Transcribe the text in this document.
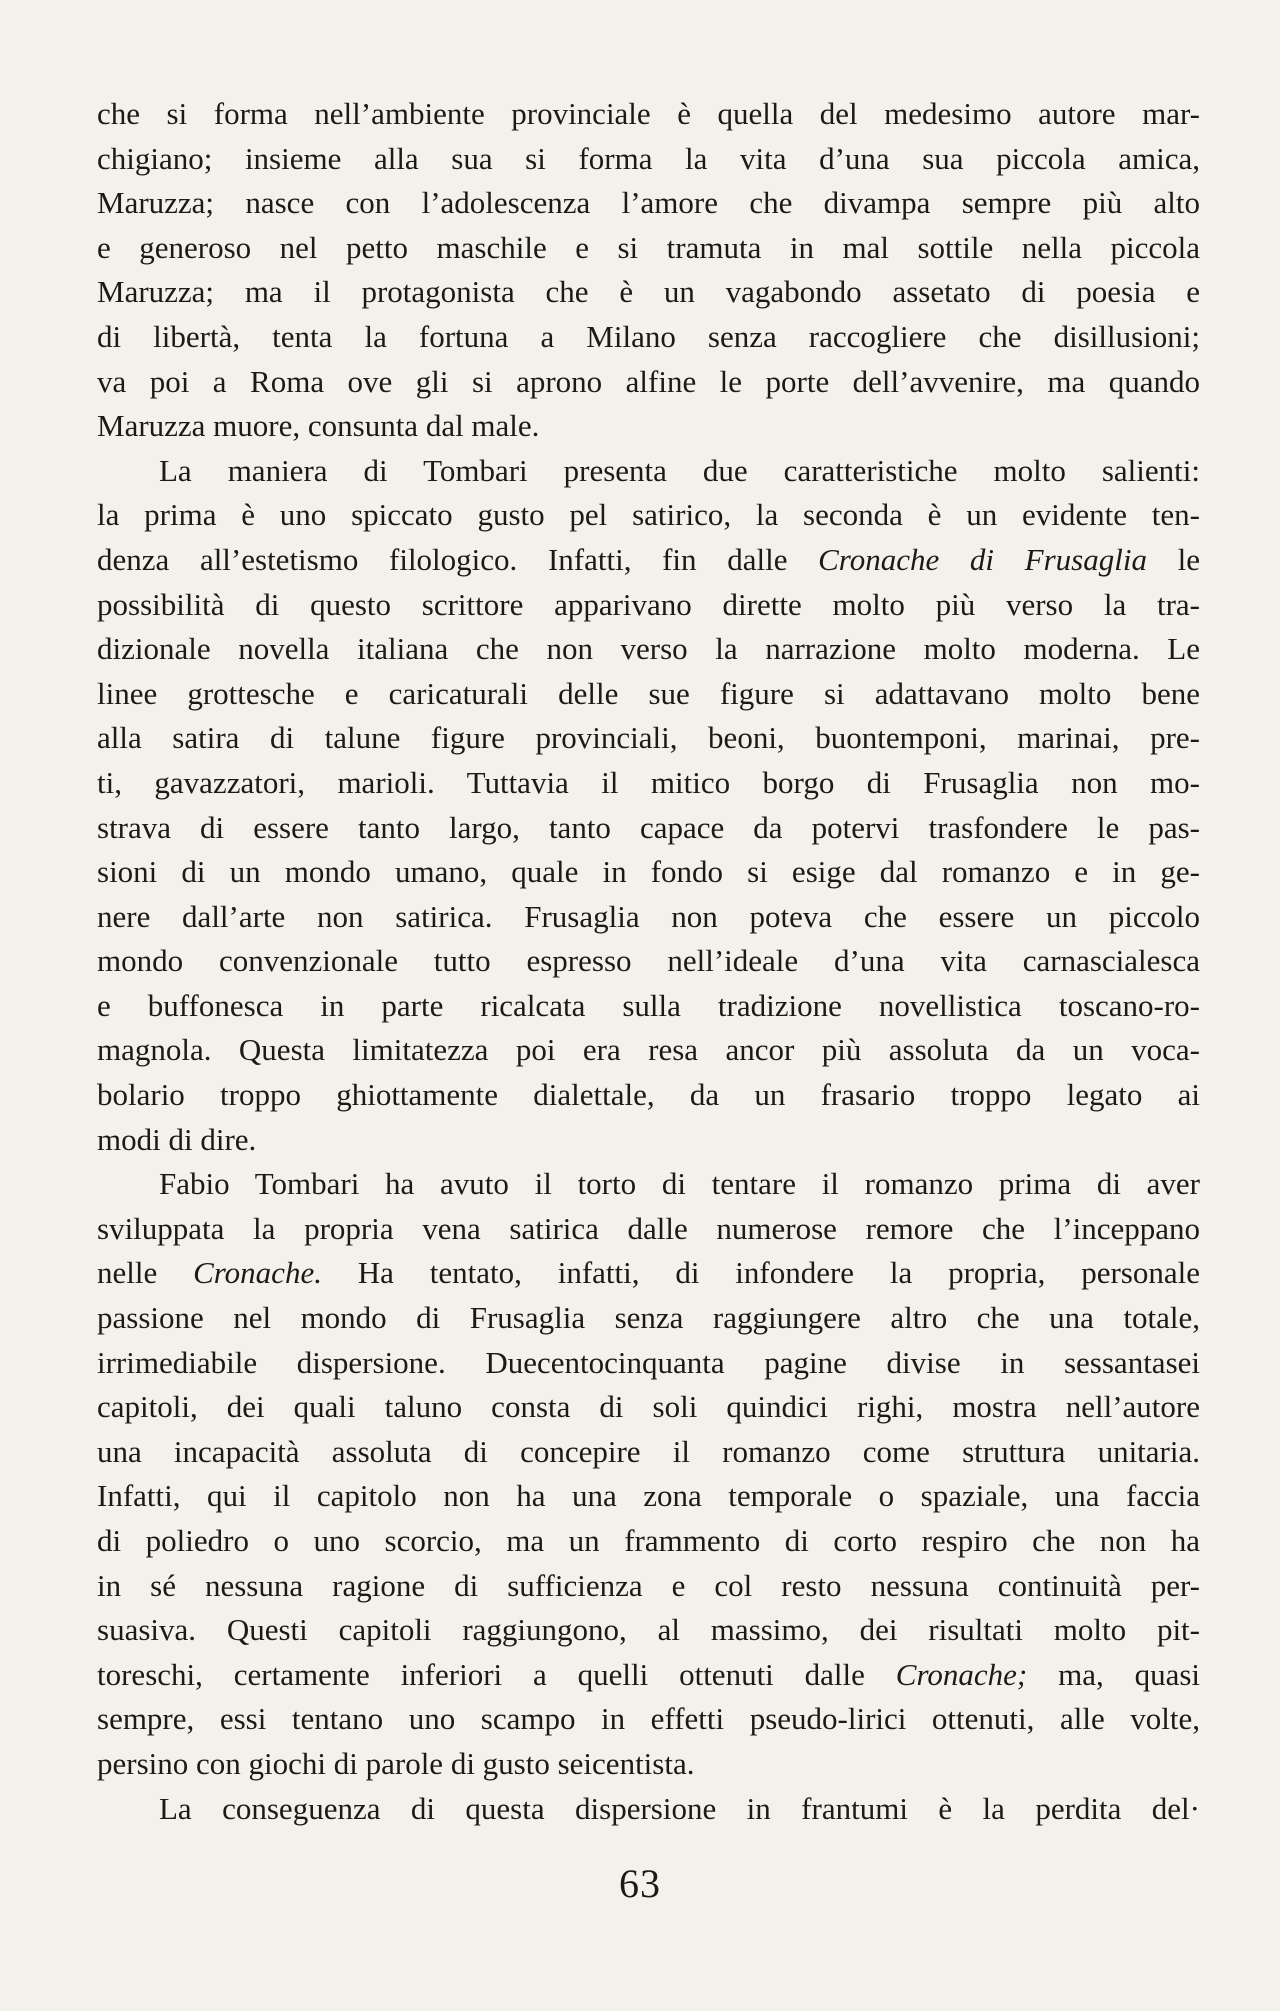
che si forma nell’ambiente provinciale è quella del medesimo autore mar-
chigiano; insieme alla sua si forma la vita d’una sua piccola amica,
Maruzza; nasce con l’adolescenza l’amore che divampa sempre più alto
e generoso nel petto maschile e si tramuta in mal sottile nella piccola
Maruzza; ma il protagonista che è un vagabondo assetato di poesia e
di libertà, tenta la fortuna a Milano senza raccogliere che disillusioni;
va poi a Roma ove gli si aprono alfine le porte dell’avvenire, ma quando
Maruzza muore, consunta dal male.
La maniera di Tombari presenta due caratteristiche molto salienti:
la prima è uno spiccato gusto pel satirico, la seconda è un evidente ten-
denza all’estetismo filologico. Infatti, fin dalle Cronache di Frusaglia le
possibilità di questo scrittore apparivano dirette molto più verso la tra-
dizionale novella italiana che non verso la narrazione molto moderna. Le
linee grottesche e caricaturali delle sue figure si adattavano molto bene
alla satira di talune figure provinciali, beoni, buontemponi, marinai, pre-
ti, gavazzatori, marioli. Tuttavia il mitico borgo di Frusaglia non mo-
strava di essere tanto largo, tanto capace da potervi trasfondere le pas-
sioni di un mondo umano, quale in fondo si esige dal romanzo e in ge-
nere dall’arte non satirica. Frusaglia non poteva che essere un piccolo
mondo convenzionale tutto espresso nell’ideale d’una vita carnascialesca
e buffonesca in parte ricalcata sulla tradizione novellistica toscano-ro-
magnola. Questa limitatezza poi era resa ancor più assoluta da un voca-
bolario troppo ghiottamente dialettale, da un frasario troppo legato ai
modi di dire.
Fabio Tombari ha avuto il torto di tentare il romanzo prima di aver
sviluppata la propria vena satirica dalle numerose remore che l’inceppano
nelle Cronache. Ha tentato, infatti, di infondere la propria, personale
passione nel mondo di Frusaglia senza raggiungere altro che una totale,
irrimediabile dispersione. Duecentocinquanta pagine divise in sessantasei
capitoli, dei quali taluno consta di soli quindici righi, mostra nell’autore
una incapacità assoluta di concepire il romanzo come struttura unitaria.
Infatti, qui il capitolo non ha una zona temporale o spaziale, una faccia
di poliedro o uno scorcio, ma un frammento di corto respiro che non ha
in sé nessuna ragione di sufficienza e col resto nessuna continuità per-
suasiva. Questi capitoli raggiungono, al massimo, dei risultati molto pit-
toreschi, certamente inferiori a quelli ottenuti dalle Cronache; ma, quasi
sempre, essi tentano uno scampo in effetti pseudo-lirici ottenuti, alle volte,
persino con giochi di parole di gusto seicentista.
La conseguenza di questa dispersione in frantumi è la perdita del·
63
